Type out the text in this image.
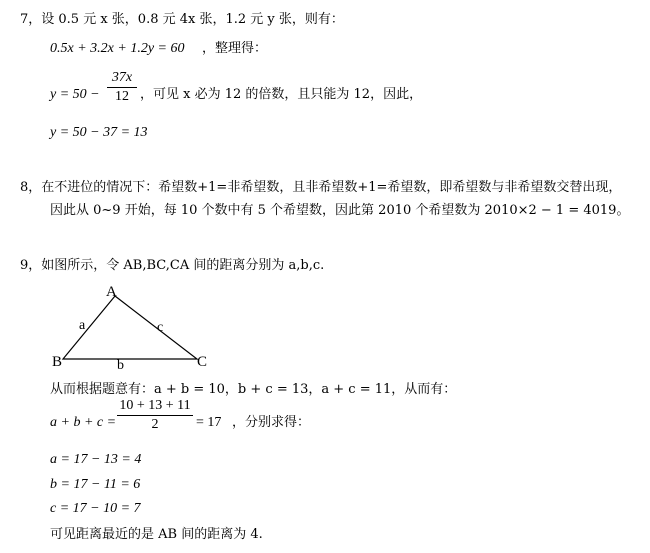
7，设 0.5 元 x 张，0.8 元 4x 张，1.2 元 y 张，则有：
0.5x + 3.2x + 1.2y = 60 ，整理得：
y = 50 −
37x
12 ，可见 x 必为 12 的倍数，且只能为 12，因此，
y = 50 − 37 = 13
8，在不进位的情况下：希望数+1=非希望数，且非希望数+1=希望数，即希望数与非希望数交替出现，
因此从 0~9 开始，每 10 个数中有 5 个希望数，因此第 2010 个希望数为 2010×2 − 1 = 4019。
9，如图所示，令 AB,BC,CA 间的距离分别为 a,b,c.
A
B	C
a
b
c
从而根据题意有：a + b = 10，b + c = 13，a + c = 11，从而有：
a + b + c =
10 + 13 + 11
2	= 17 ，分别求得：
a = 17 − 13 = 4
b = 17 − 11 = 6
c = 17 − 10 = 7
可见距离最近的是 AB 间的距离为 4.
